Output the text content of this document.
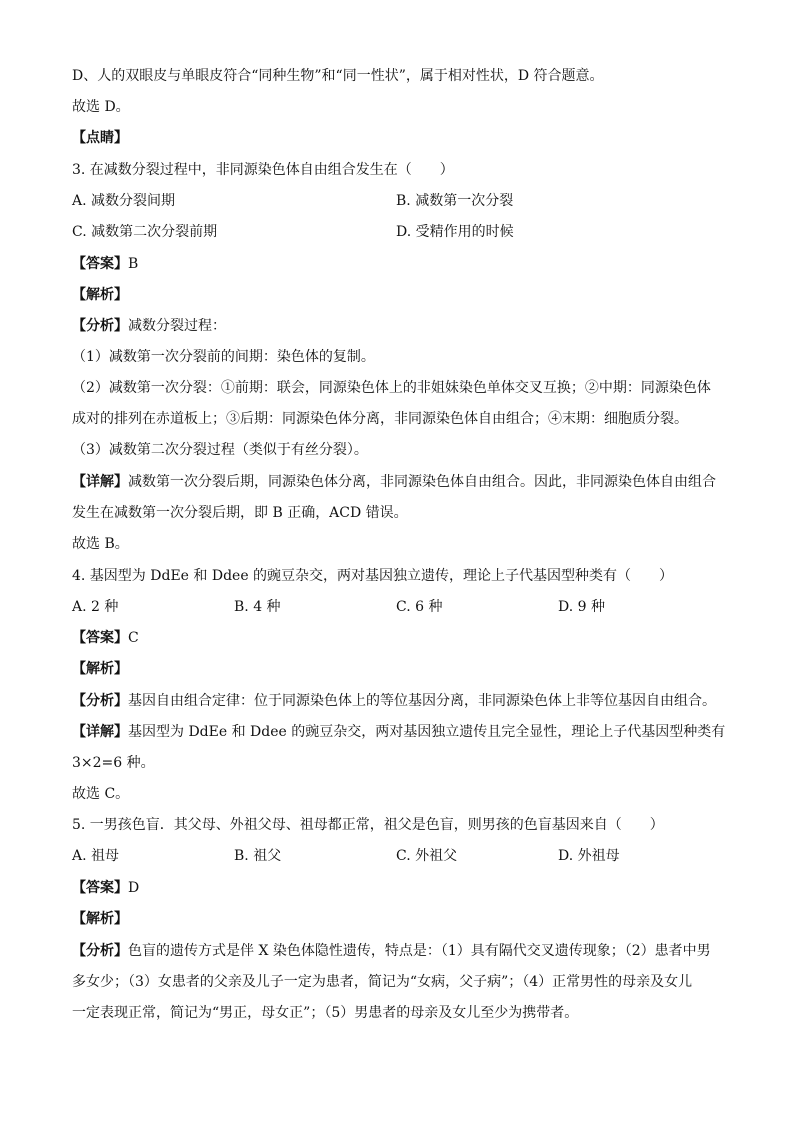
D、人的双眼皮与单眼皮符合“同种生物”和“同一性状”，属于相对性状，D 符合题意。
故选 D。
【点睛】
3. 在减数分裂过程中，非同源染色体自由组合发生在（　　）
A. 减数分裂间期	B. 减数第一次分裂
C. 减数第二次分裂前期	D. 受精作用的时候
【答案】B
【解析】
【分析】减数分裂过程：
（1）减数第一次分裂前的间期：染色体的复制。
（2）减数第一次分裂：①前期：联会，同源染色体上的非姐妹染色单体交叉互换；②中期：同源染色体
成对的排列在赤道板上；③后期：同源染色体分离，非同源染色体自由组合；④末期：细胞质分裂。
（3）减数第二次分裂过程（类似于有丝分裂）。
【详解】减数第一次分裂后期，同源染色体分离，非同源染色体自由组合。因此，非同源染色体自由组合
发生在减数第一次分裂后期，即 B 正确，ACD 错误。
故选 B。
4. 基因型为 DdEe 和 Ddee 的豌豆杂交，两对基因独立遗传，理论上子代基因型种类有（　　）
A. 2 种	B. 4 种	C. 6 种	D. 9 种
【答案】C
【解析】
【分析】基因自由组合定律：位于同源染色体上的等位基因分离，非同源染色体上非等位基因自由组合。
【详解】基因型为 DdEe 和 Ddee 的豌豆杂交，两对基因独立遗传且完全显性，理论上子代基因型种类有
3×2=6 种。
故选 C。
5. 一男孩色盲．其父母、外祖父母、祖母都正常，祖父是色盲，则男孩的色盲基因来自（　　）
A. 祖母	B. 祖父	C. 外祖父	D. 外祖母
【答案】D
【解析】
【分析】色盲的遗传方式是伴 X 染色体隐性遗传，特点是：（1）具有隔代交叉遗传现象；（2）患者中男
多女少；（3）女患者的父亲及儿子一定为患者，简记为“女病，父子病”；（4）正常男性的母亲及女儿
一定表现正常，简记为“男正，母女正”；（5）男患者的母亲及女儿至少为携带者。
